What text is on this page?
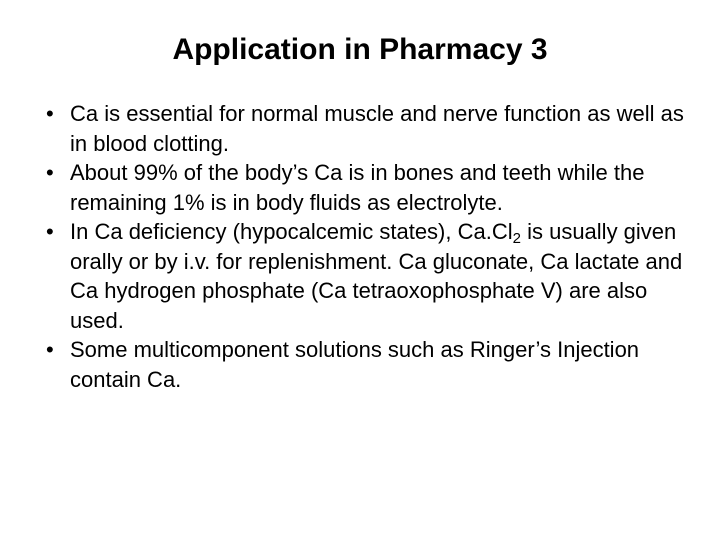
Application in Pharmacy 3
• Ca is essential for normal muscle and nerve function as well as in blood clotting.
• About 99% of the body’s Ca is in bones and teeth while the remaining 1% is in body fluids as electrolyte.
• In Ca deficiency (hypocalcemic states), $Ca.Cl_2$ is usually given orally or by i.v. for replenishment. Ca gluconate, Ca lactate and Ca hydrogen phosphate (Ca tetraoxophosphate V) are also used.
• Some multicomponent solutions such as Ringer’s Injection contain Ca.
